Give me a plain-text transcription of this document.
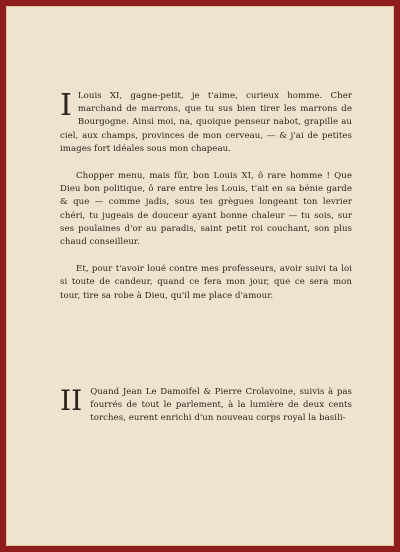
I Louis XI, gagne-petit, je t'aime, curieux homme. Cher marchand de marrons, que tu sus bien tirer les marrons de Bourgogne. Ainsi moi, na, quoique penseur nabot, grapille au ciel, aux champs, provinces de mon cerveau, — & j'ai de petites images fort idéales sous mon chapeau.

Chopper menu, mais fûr, bon Louis XI, ô rare homme ! Que Dieu bon politique, ô rare entre les Louis, t'ait en sa bénie garde & que — comme jadis, sous tes grègues longeant ton levrier chéri, tu jugeais de douceur ayant bonne chaleur — tu sois, sur ses poulaines d'or au paradis, saint petit roi couchant, son plus chaud conseilleur.

Et, pour t'avoir loué contre mes professeurs, avoir suivi ta loi si toute de candeur, quand ce fera mon jour, que ce sera mon tour, tire sa robe à Dieu, qu'il me place d'amour.

II Quand Jean Le Damoifel & Pierre Crolavoine, suivis à pas fourrés de tout le parlement, à la lumière de deux cents torches, eurent enrichi d'un nouveau corps royal la basili-
